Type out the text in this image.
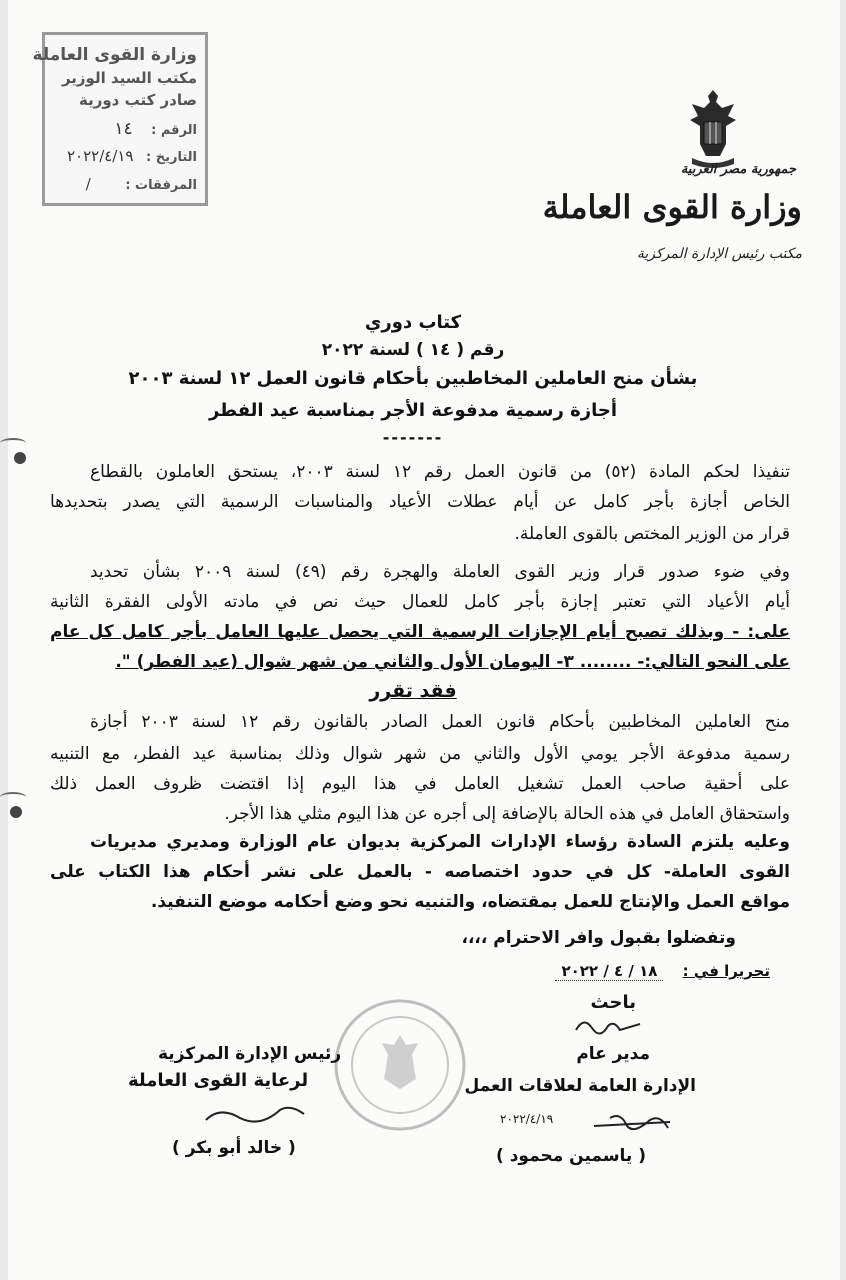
وزارة القوى العاملة
مكتب السيد الوزير
صادر كتب دورية
الرقم : ١٤
التاريخ : ٢٠٢٢/٤/١٩
المرفقات : /
جمهورية مصر العربية
وزارة القوى العاملة
مكتب رئيس الإدارة المركزية
كتاب دوري
رقم ( ١٤ ) لسنة ٢٠٢٢
بشأن منح العاملين المخاطبين بأحكام قانون العمل ١٢ لسنة ٢٠٠٣
أجازة رسمية مدفوعة الأجر بمناسبة عيد الفطر
-------
تنفيذا لحكم المادة (٥٢) من قانون العمل رقم ١٢ لسنة ٢٠٠٣، يستحق العاملون بالقطاع
الخاص أجازة بأجر كامل عن أيام عطلات الأعياد والمناسبات الرسمية التي يصدر بتحديدها
قرار من الوزير المختص بالقوى العاملة.
وفي ضوء صدور قرار وزير القوى العاملة والهجرة رقم (٤٩) لسنة ٢٠٠٩ بشأن تحديد
أيام الأعياد التي تعتبر إجازة بأجر كامل للعمال حيث نص في مادته الأولى الفقرة الثانية
على: - وبذلك تصبح أيام الإجازات الرسمية التي يحصل عليها العامل بأجر كامل كل عام
على النحو التالي:- ........ ٣- اليومان الأول والثاني من شهر شوال (عيد الفطر) ".
فقد تقرر
منح العاملين المخاطبين بأحكام قانون العمل الصادر بالقانون رقم ١٢ لسنة ٢٠٠٣ أجازة
رسمية مدفوعة الأجر يومي الأول والثاني من شهر شوال وذلك بمناسبة عيد الفطر، مع التنبيه
على أحقية صاحب العمل تشغيل العامل في هذا اليوم إذا اقتضت ظروف العمل ذلك
واستحقاق العامل في هذه الحالة بالإضافة إلى أجره عن هذا اليوم مثلي هذا الأجر.
وعليه يلتزم السادة رؤساء الإدارات المركزية بديوان عام الوزارة ومديري مديريات
القوى العاملة- كل في حدود اختصاصه - بالعمل على نشر أحكام هذا الكتاب على
مواقع العمل والإنتاج للعمل بمقتضاه، والتنبيه نحو وضع أحكامه موضع التنفيذ.
وتفضلوا بقبول وافر الاحترام ،،،،
تحريرا في : ١٨ / ٤ / ٢٠٢٢
باحث
مدير عام
الإدارة العامة لعلاقات العمل
٢٠٢٢/٤/١٩
( ياسمين محمود )
رئيس الإدارة المركزية
لرعاية القوى العاملة
( خالد أبو بكر )
